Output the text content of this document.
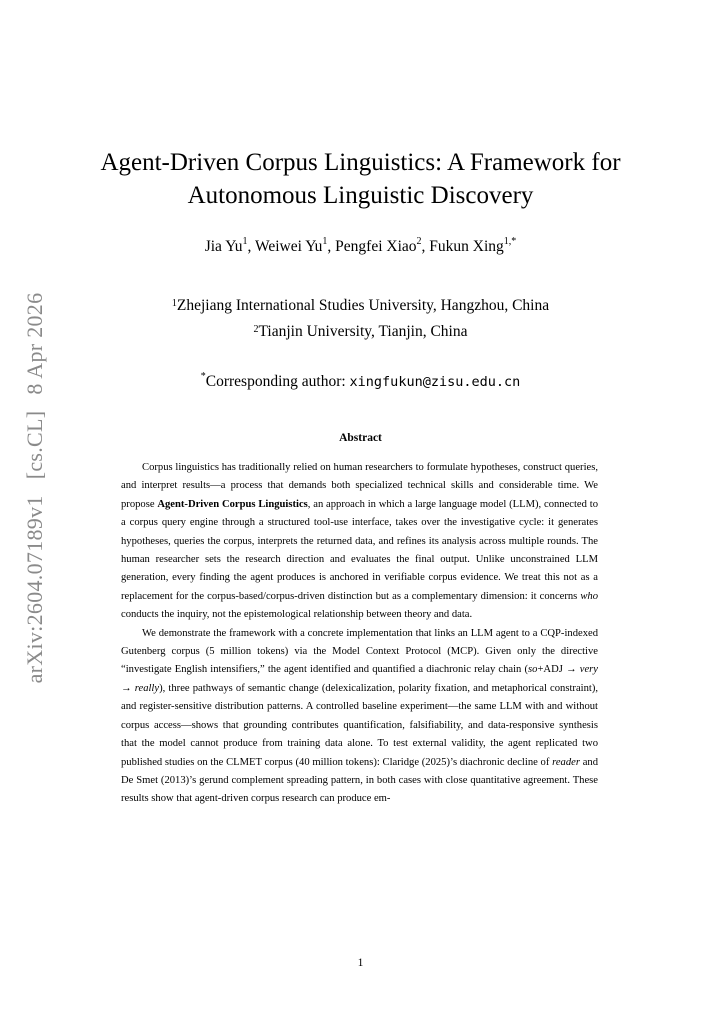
arXiv:2604.07189v1[cs.CL]8 Apr 2026
Agent-Driven Corpus Linguistics: A Framework for
Autonomous Linguistic Discovery
Jia Yu$^1$, Weiwei Yu$^1$, Pengfei Xiao$^2$, Fukun Xing$^{1,*}$
$^1$Zhejiang International Studies University, Hangzhou, China
$^2$Tianjin University, Tianjin, China
*Corresponding author: xingfukun@zisu.edu.cn
Abstract

Corpus linguistics has traditionally relied on human researchers to formulate hypotheses, construct queries, and interpret results—a process that demands both specialized technical skills and considerable time. We propose Agent-Driven Corpus Linguistics, an approach in which a large language model (LLM), connected to a corpus query engine through a structured tool-use interface, takes over the investigative cycle: it generates hypotheses, queries the corpus, interprets the returned data, and refines its analysis across multiple rounds. The human researcher sets the research direction and evaluates the final output. Unlike unconstrained LLM generation, every finding the agent produces is anchored in verifiable corpus evidence. We treat this not as a replacement for the corpus-based/corpus-driven distinction but as a complementary dimension: it concerns who conducts the inquiry, not the epistemological relationship between theory and data.

We demonstrate the framework with a concrete implementation that links an LLM agent to a CQP-indexed Gutenberg corpus (5 million tokens) via the Model Context Protocol (MCP). Given only the directive “investigate English intensifiers,” the agent identified and quantified a diachronic relay chain (so+ADJ → very → really), three pathways of semantic change (delexicalization, polarity fixation, and metaphorical constraint), and register-sensitive distribution patterns. A controlled baseline experiment—the same LLM with and without corpus access—shows that grounding contributes quantification, falsifiability, and data-responsive synthesis that the model cannot produce from training data alone. To test external validity, the agent replicated two published studies on the CLMET corpus (40 million tokens): Claridge (2025)’s diachronic decline of reader and De Smet (2013)’s gerund complement spreading pattern, in both cases with close quantitative agreement. These results show that agent-driven corpus research can produce em-

1
